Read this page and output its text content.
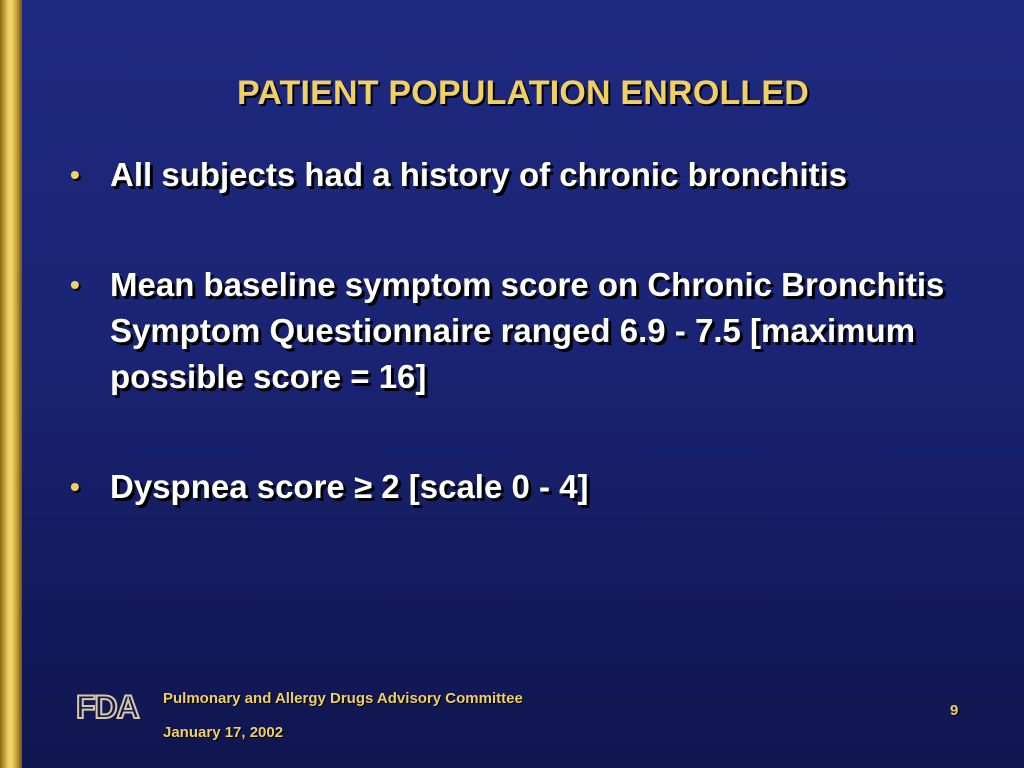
PATIENT POPULATION ENROLLED
• All subjects had a history of chronic bronchitis
• Mean baseline symptom score on Chronic Bronchitis Symptom Questionnaire ranged 6.9 - 7.5 [maximum possible score = 16]
• Dyspnea score ≥ 2 [scale 0 - 4]
FDA Pulmonary and Allergy Drugs Advisory Committee
January 17, 2002
9
